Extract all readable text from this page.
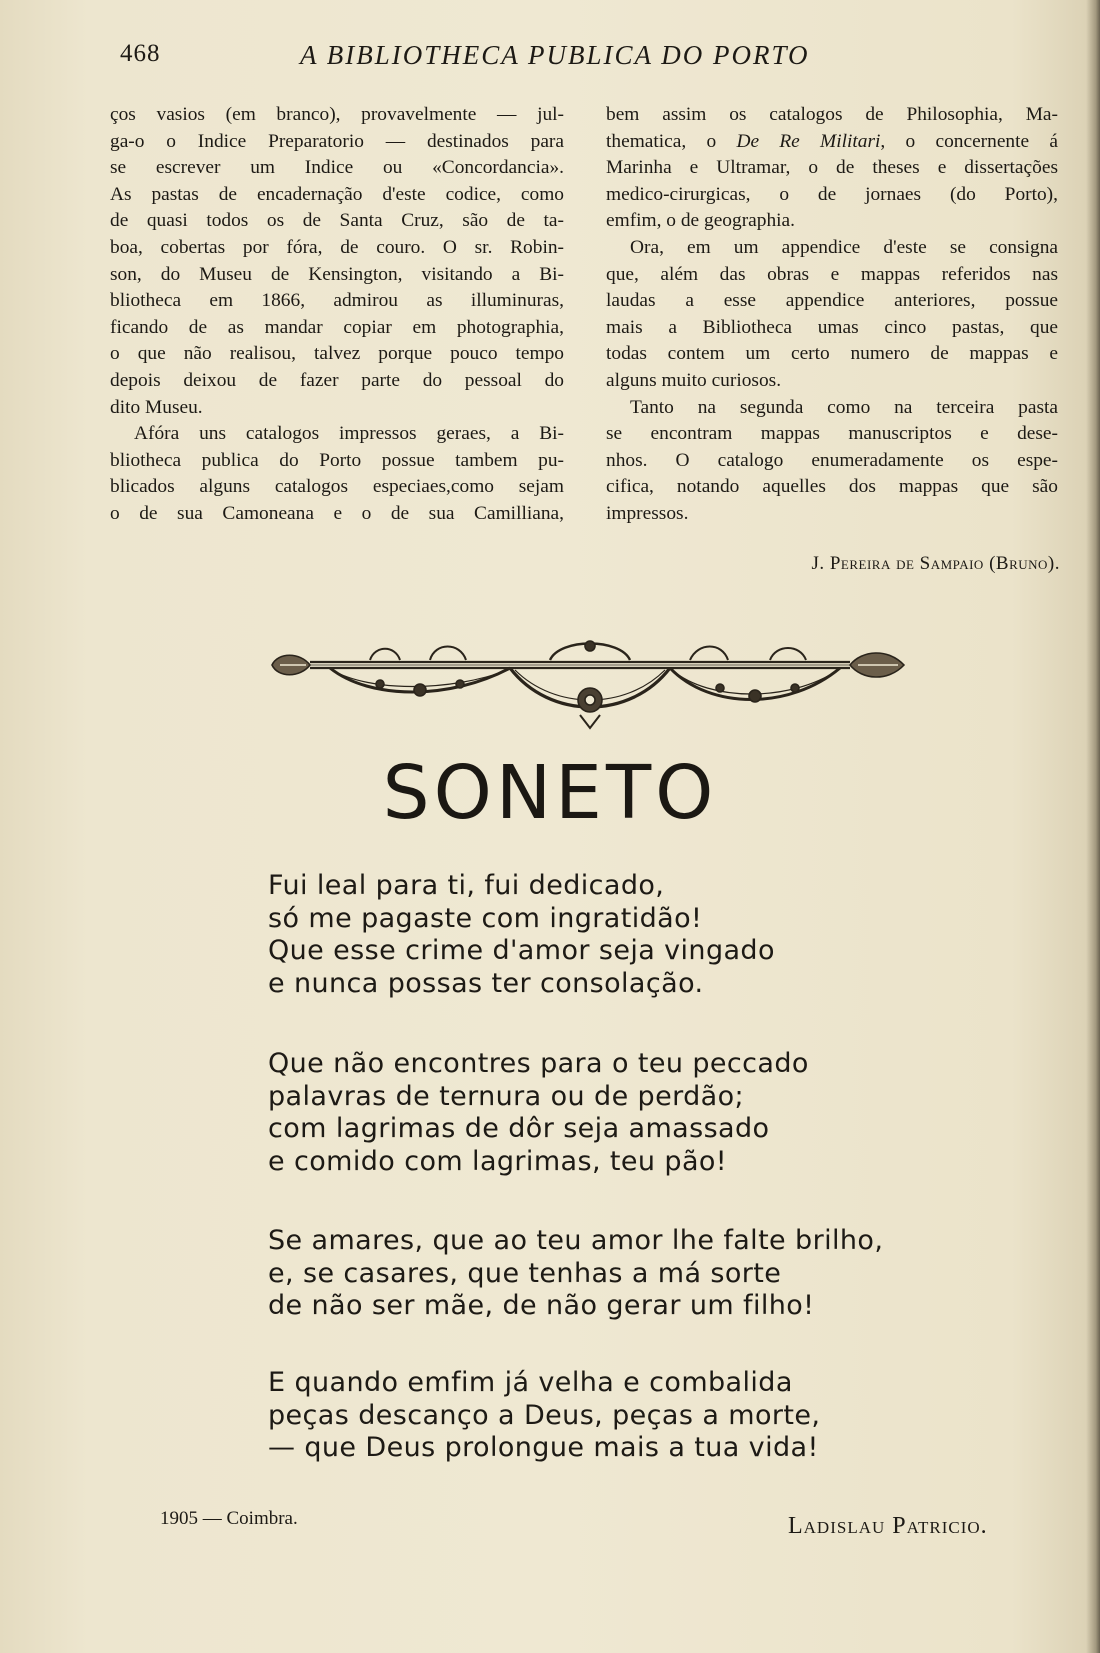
468	A BIBLIOTHECA PUBLICA DO PORTO

ços vasios (em branco), provavelmente — jul-
ga-o o Indice Preparatorio — destinados para
se escrever um Indice ou «Concordancia».
As pastas de encadernação d'este codice, como
de quasi todos os de Santa Cruz, são de ta-
boa, cobertas por fóra, de couro. O sr. Robin-
son, do Museu de Kensington, visitando a Bi-
bliotheca em 1866, admirou as illuminuras,
ficando de as mandar copiar em photographia,
o que não realisou, talvez porque pouco tempo
depois deixou de fazer parte do pessoal do
dito Museu.

Afóra uns catalogos impressos geraes, a Bi-
bliotheca publica do Porto possue tambem pu-
blicados alguns catalogos especiaes,como sejam
o de sua Camoneana e o de sua Camilliana,

bem assim os catalogos de Philosophia, Ma-
thematica, o De Re Militari, o concernente á
Marinha e Ultramar, o de theses e dissertações
medico-cirurgicas, o de jornaes (do Porto),
emfim, o de geographia.

Ora, em um appendice d'este se consigna
que, além das obras e mappas referidos nas
laudas a esse appendice anteriores, possue
mais a Bibliotheca umas cinco pastas, que
todas contem um certo numero de mappas e
alguns muito curiosos.

Tanto na segunda como na terceira pasta
se encontram mappas manuscriptos e dese-
nhos. O catalogo enumeradamente os espe-
cifica, notando aquelles dos mappas que são
impressos.

J. Pereira de Sampaio (Bruno).
SONETO
Fui leal para ti, fui dedicado,
só me pagaste com ingratidão!
Que esse crime d'amor seja vingado
e nunca possas ter consolação.
Que não encontres para o teu peccado
palavras de ternura ou de perdão;
com lagrimas de dôr seja amassado
e comido com lagrimas, teu pão!
Se amares, que ao teu amor lhe falte brilho,
e, se casares, que tenhas a má sorte
de não ser mãe, de não gerar um filho!
E quando emfim já velha e combalida
peças descanço a Deus, peças a morte,
— que Deus prolongue mais a tua vida!
1905 — Coimbra.	Ladislau Patricio.
